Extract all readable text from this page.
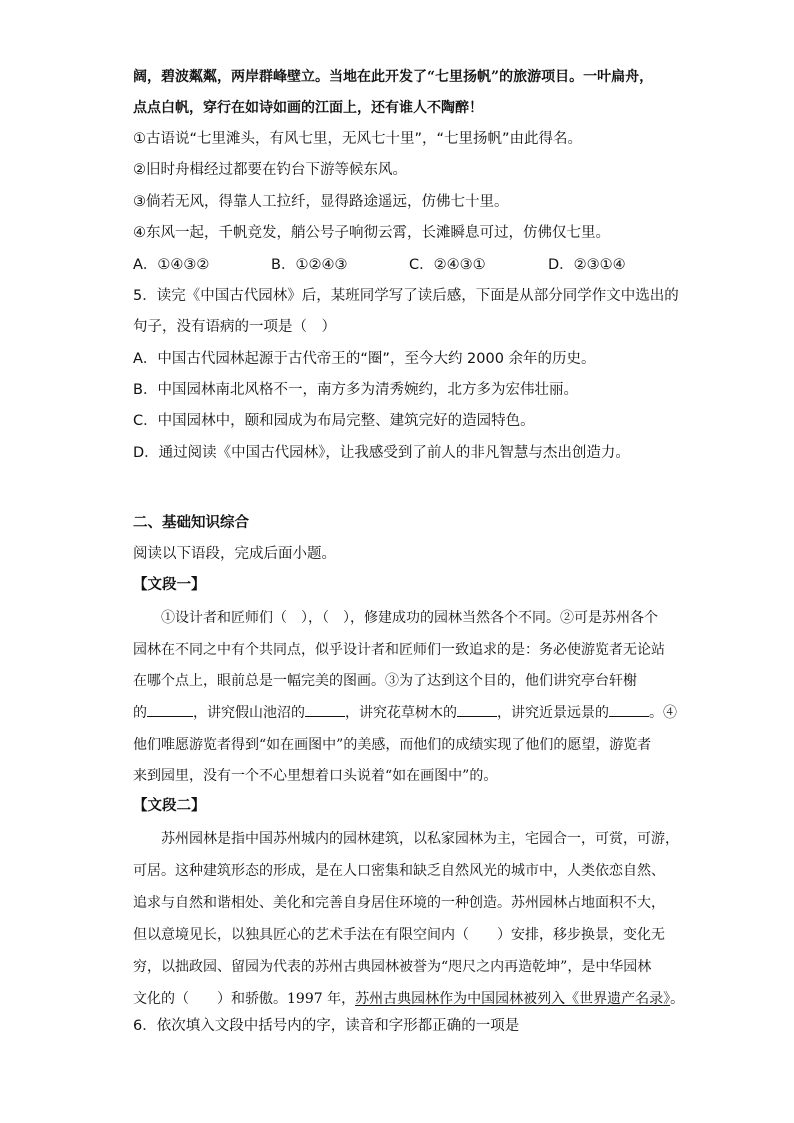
阔，碧波粼粼，两岸群峰壁立。当地在此开发了“七里扬帆”的旅游项目。一叶扁舟，
点点白帆，穿行在如诗如画的江面上，还有谁人不陶醉！
①古语说“七里滩头，有风七里，无风七十里”，“七里扬帆”由此得名。
②旧时舟楫经过都要在钓台下游等候东风。
③倘若无风，得靠人工拉纤，显得路途遥远，仿佛七十里。
④东风一起，千帆竞发，艄公号子响彻云霄，长滩瞬息可过，仿佛仅七里。
A．①④③②	B．①②④③	C．②④③①	D．②③①④
5．读完《中国古代园林》后，某班同学写了读后感，下面是从部分同学作文中选出的
句子，没有语病的一项是（　）
A．中国古代园林起源于古代帝王的“圈”，至今大约 2000 余年的历史。
B．中国园林南北风格不一，南方多为清秀婉约，北方多为宏伟壮丽。
C．中国园林中，颐和园成为布局完整、建筑完好的造园特色。
D．通过阅读《中国古代园林》，让我感受到了前人的非凡智慧与杰出创造力。
二、基础知识综合
阅读以下语段，完成后面小题。
【文段一】
①设计者和匠师们（　），（　），修建成功的园林当然各个不同。②可是苏州各个
园林在不同之中有个共同点，似乎设计者和匠师们一致追求的是：务必使游览者无论站
在哪个点上，眼前总是一幅完美的图画。③为了达到这个目的，他们讲究亭台轩榭
的	，讲究假山池沼的	，讲究花草树木的	，讲究近景远景的	。④
他们唯愿游览者得到“如在画图中”的美感，而他们的成绩实现了他们的愿望，游览者
来到园里，没有一个不心里想着口头说着“如在画图中”的。
【文段二】
苏州园林是指中国苏州城内的园林建筑，以私家园林为主，宅园合一，可赏，可游，
可居。这种建筑形态的形成，是在人口密集和缺乏自然风光的城市中，人类依恋自然、
追求与自然和谐相处、美化和完善自身居住环境的一种创造。苏州园林占地面积不大，
但以意境见长，以独具匠心的艺术手法在有限空间内（　　）安排，移步换景，变化无
穷，以拙政园、留园为代表的苏州古典园林被誉为“咫尺之内再造乾坤”，是中华园林
文化的（　　）和骄傲。1997 年，苏州古典园林作为中国园林被列入《世界遗产名录》。
6．依次填入文段中括号内的字，读音和字形都正确的一项是
